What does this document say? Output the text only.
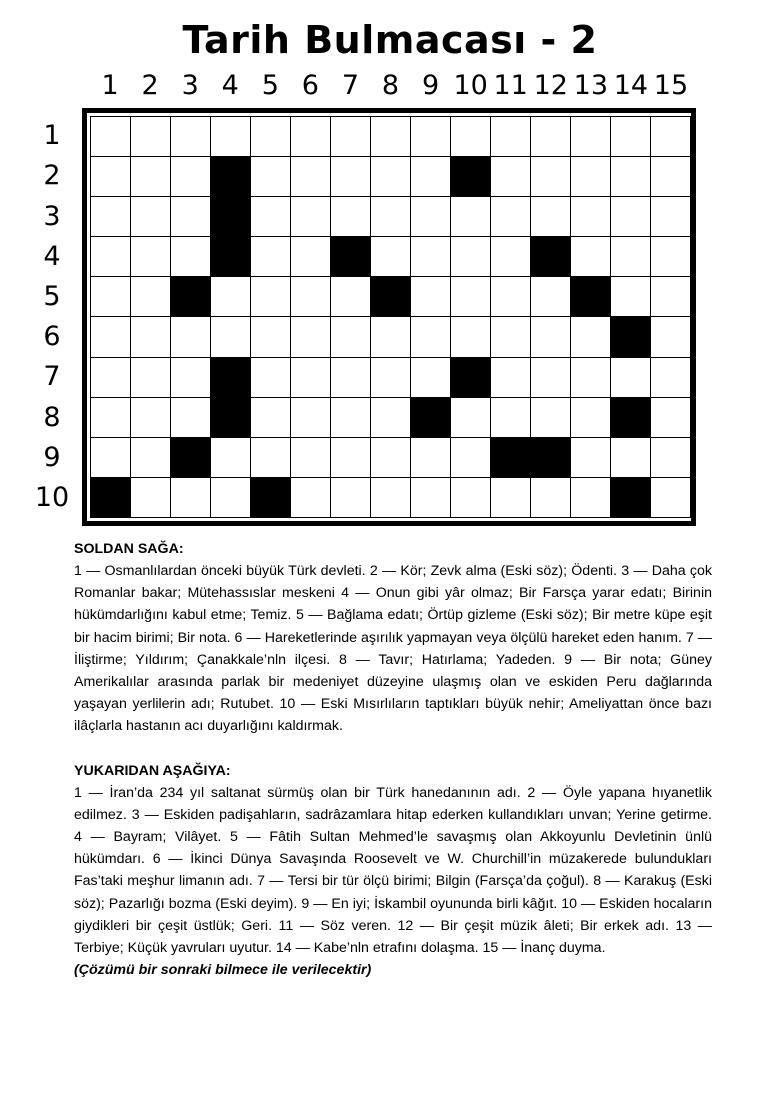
Tarih Bulmacası - 2
1 2 3 4 5 6 7 8 9 10 11 12 13 14 15
1
2
3
4
5
6
7
8
9
10
SOLDAN SAĞA:

1 — Osmanlılardan önceki büyük Türk devleti. 2 — Kör; Zevk alma (Eski söz); Ödenti. 3 — Daha çok Romanlar bakar; Mütehassıslar meskeni 4 — Onun gibi yâr olmaz; Bir Farsça yarar edatı; Birinin hükümdarlığını kabul etme; Temiz. 5 — Bağlama edatı; Örtüp gizleme (Eski söz); Bir metre küpe eşit bir hacim birimi; Bir nota. 6 — Hareketlerinde aşırılık yapmayan veya ölçülü hareket eden hanım. 7 — İliştirme; Yıldırım; Çanakkale’nln ilçesi. 8 — Tavır; Hatırlama; Yadeden. 9 — Bir nota; Güney Amerikalılar arasında parlak bir medeniyet düzeyine ulaşmış olan ve eskiden Peru dağlarında yaşayan yerlilerin adı; Rutubet. 10 — Eski Mısırlıların taptıkları büyük nehir; Ameliyattan önce bazı ilâçlarla hastanın acı duyarlığını kaldırmak.

YUKARIDAN AŞAĞIYA:

1 — İran’da 234 yıl saltanat sürmüş olan bir Türk hanedanının adı. 2 — Öyle yapana hıyanetlik edilmez. 3 — Eskiden padişahların, sadrâzamlara hitap ederken kullandıkları unvan; Yerine getirme. 4 — Bayram; Vilâyet. 5 — Fâtih Sultan Mehmed’le savaşmış olan Akkoyunlu Devletinin ünlü hükümdarı. 6 — İkinci Dünya Savaşında Roosevelt ve W. Churchill’in müzakerede bulundukları Fas’taki meşhur limanın adı. 7 — Tersi bir tür ölçü birimi; Bilgin (Farsça’da çoğul). 8 — Karakuş (Eski söz); Pazarlığı bozma (Eski deyim). 9 — En iyi; İskambil oyununda birli kâğıt. 10 — Eskiden hocaların giydikleri bir çeşit üstlük; Geri. 11 — Söz veren. 12 — Bir çeşit müzik âleti; Bir erkek adı. 13 — Terbiye; Küçük yavruları uyutur. 14 — Kabe’nln etrafını dolaşma. 15 — İnanç duyma.
(Çözümü bir sonraki bilmece ile verilecektir)
